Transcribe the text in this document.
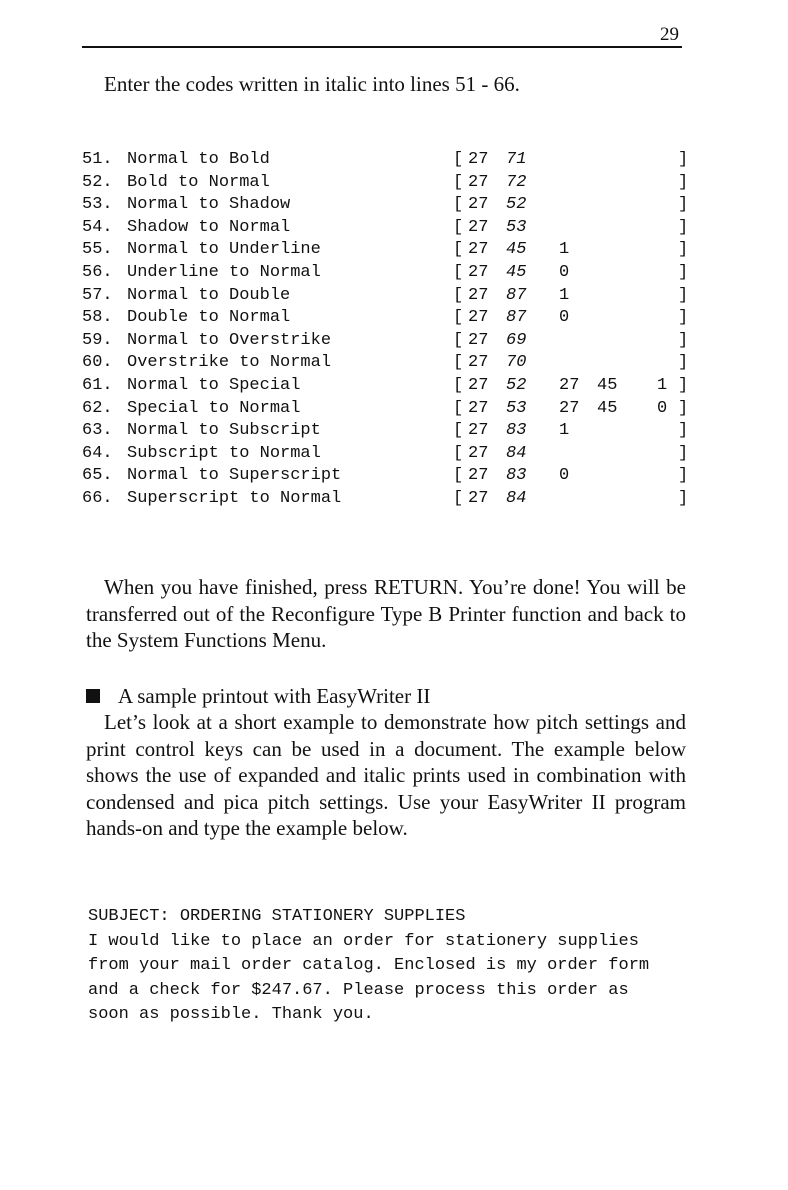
29
Enter the codes written in italic into lines 51 - 66.
51. Normal to Bold	[ 27 71	]
52. Bold to Normal	[ 27 72	]
53. Normal to Shadow	[ 27 52	]
54. Shadow to Normal	[ 27 53	]
55. Normal to Underline	[ 27 45 1	]
56. Underline to Normal	[ 27 45 0	]
57. Normal to Double	[ 27 87 1	]
58. Double to Normal	[ 27 87 0	]
59. Normal to Overstrike	[ 27 69	]
60. Overstrike to Normal	[ 27 70	]
61. Normal to Special	[ 27 52 27 45 1 ]
62. Special to Normal	[ 27 53 27 45 0 ]
63. Normal to Subscript	[ 27 83 1	]
64. Subscript to Normal	[ 27 84	]
65. Normal to Superscript	[ 27 83 0	]
66. Superscript to Normal	[ 27 84	]

When you have finished, press RETURN. You’re done! You will be transferred out of the Reconfigure Type B Printer function and back to the System Functions Menu.

A sample printout with EasyWriter II

Let’s look at a short example to demonstrate how pitch settings and print control keys can be used in a document. The example below shows the use of expanded and italic prints used in combination with condensed and pica pitch settings. Use your EasyWriter II program hands-on and type the example below.

SUBJECT: ORDERING STATIONERY SUPPLIES
I would like to place an order for stationery supplies
from your mail order catalog. Enclosed is my order form
and a check for $247.67. Please process this order as
soon as possible. Thank you.
